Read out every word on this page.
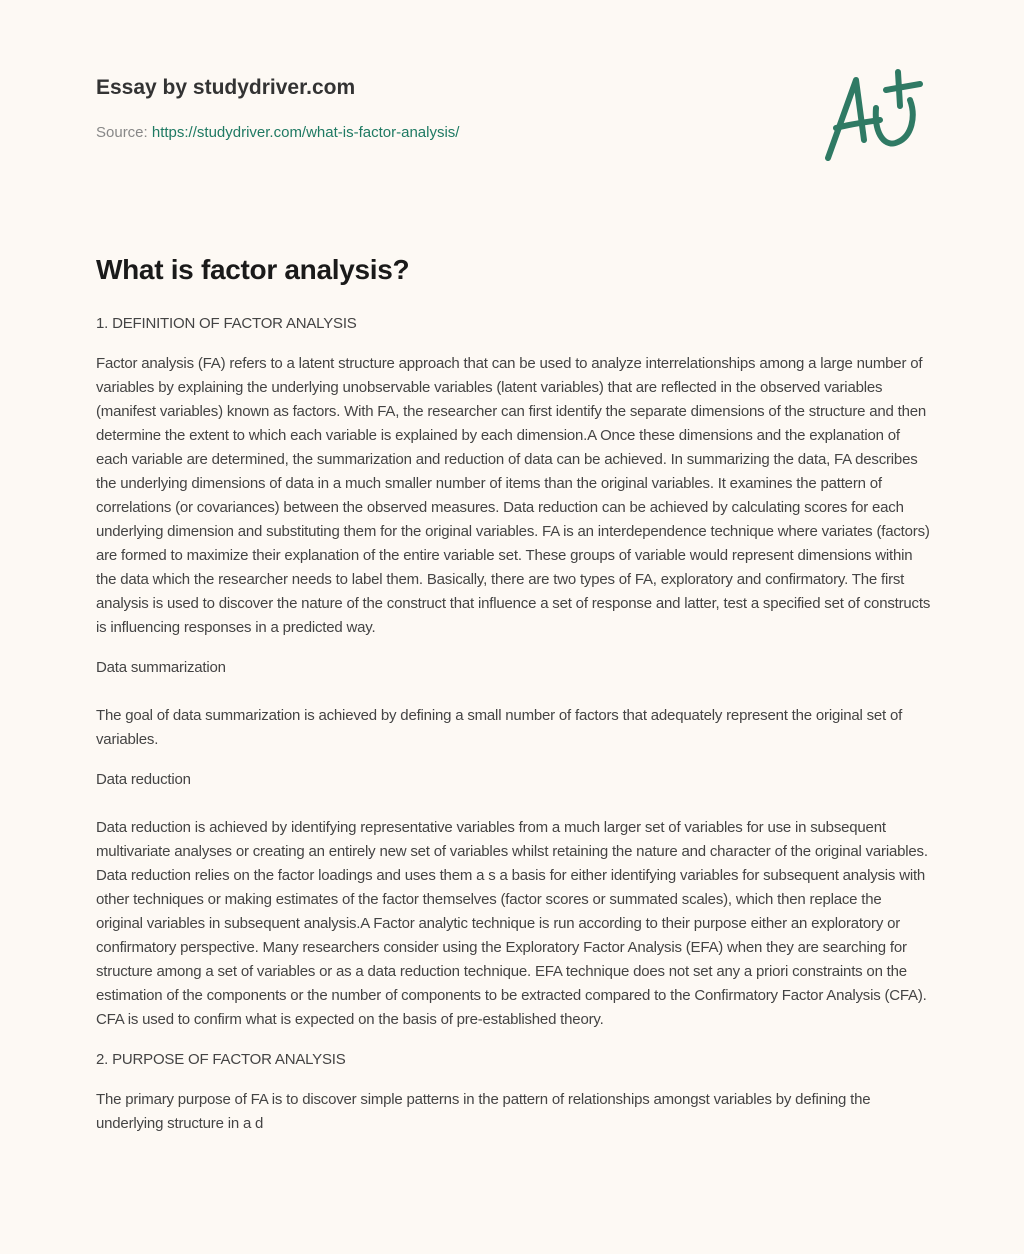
Essay by studydriver.com
Source: https://studydriver.com/what-is-factor-analysis/
What is factor analysis?

1. DEFINITION OF FACTOR ANALYSIS

Factor analysis (FA) refers to a latent structure approach that can be used to analyze interrelationships among a large number of variables by explaining the underlying unobservable variables (latent variables) that are reflected in the observed variables (manifest variables) known as factors. With FA, the researcher can first identify the separate dimensions of the structure and then determine the extent to which each variable is explained by each dimension.A Once these dimensions and the explanation of each variable are determined, the summarization and reduction of data can be achieved. In summarizing the data, FA describes the underlying dimensions of data in a much smaller number of items than the original variables. It examines the pattern of correlations (or covariances) between the observed measures. Data reduction can be achieved by calculating scores for each underlying dimension and substituting them for the original variables. FA is an interdependence technique where variates (factors) are formed to maximize their explanation of the entire variable set. These groups of variable would represent dimensions within the data which the researcher needs to label them. Basically, there are two types of FA, exploratory and confirmatory. The first analysis is used to discover the nature of the construct that influence a set of response and latter, test a specified set of constructs is influencing responses in a predicted way.

Data summarization

The goal of data summarization is achieved by defining a small number of factors that adequately represent the original set of variables.

Data reduction

Data reduction is achieved by identifying representative variables from a much larger set of variables for use in subsequent multivariate analyses or creating an entirely new set of variables whilst retaining the nature and character of the original variables. Data reduction relies on the factor loadings and uses them a s a basis for either identifying variables for subsequent analysis with other techniques or making estimates of the factor themselves (factor scores or summated scales), which then replace the original variables in subsequent analysis.A Factor analytic technique is run according to their purpose either an exploratory or confirmatory perspective. Many researchers consider using the Exploratory Factor Analysis (EFA) when they are searching for structure among a set of variables or as a data reduction technique. EFA technique does not set any a priori constraints on the estimation of the components or the number of components to be extracted compared to the Confirmatory Factor Analysis (CFA). CFA is used to confirm what is expected on the basis of pre-established theory.

2. PURPOSE OF FACTOR ANALYSIS

The primary purpose of FA is to discover simple patterns in the pattern of relationships amongst variables by defining the underlying structure in a d
